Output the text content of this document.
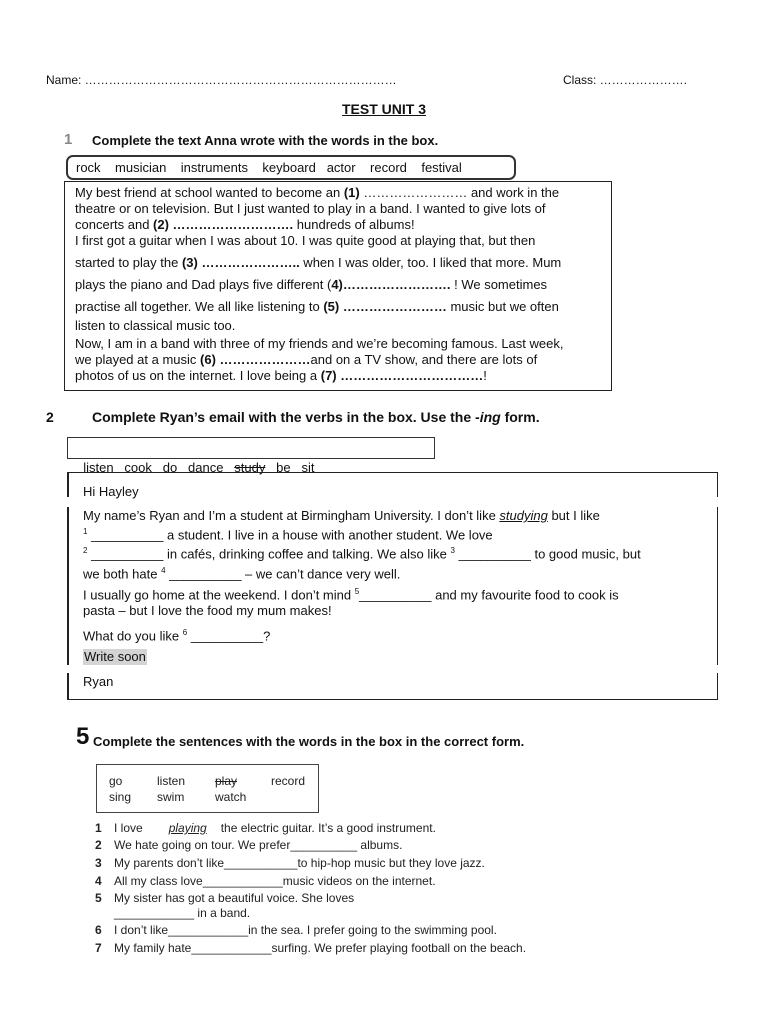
Name: ……………………………………………………………………	Class: ………………….
TEST UNIT 3
1 Complete the text Anna wrote with the words in the box.
rock    musician    instruments    keyboard   actor    record    festival
My best friend at school wanted to become an (1) …………………… and work in the
theatre or on television. But I just wanted to play in a band. I wanted to give lots of
concerts and (2) ………………………. hundreds of albums!
I first got a guitar when I was about 10. I was quite good at playing that, but then
started to play the (3) ………………….. when I was older, too. I liked that more. Mum
plays the piano and Dad plays five different (4)……………………. ! We sometimes
practise all together. We all like listening to (5) …………………… music but we often
listen to classical music too.
Now, I am in a band with three of my friends and we’re becoming famous. Last week,
we played at a music (6) …………………and on a TV show, and there are lots of
photos of us on the internet. I love being a (7) ……………………………!
2	Complete Ryan’s email with the verbs in the box. Use the -ing form.

listen   cook   do   dance   study   be   sit

Hi Hayley
My name’s Ryan and I’m a student at Birmingham University. I don’t like studying but I like
$^1$ __________ a student. I live in a house with another student. We love
$^2$ __________ in cafés, drinking coffee and talking. We also like $^3$ __________ to good music, but
we both hate $^4$ __________ – we can’t dance very well.
I usually go home at the weekend. I don’t mind $^5$__________ and my favourite food to cook is
pasta – but I love the food my mum makes!
What do you like $^6$ __________?
Write soon
Ryan
5 Complete the sentences with the words in the box in the correct form.
go	listen play	record
sing swim	watch
1 I love playing the electric guitar. It’s a good instrument.
2 We hate going on tour. We prefer__________ albums.
3 My parents don’t like___________to hip-hop music but they love jazz.
4 All my class love____________music videos on the internet.
5 My sister has got a beautiful voice. She loves
____________ in a band.
6 I don’t like____________in the sea. I prefer going to the swimming pool.
7 My family hate____________surfing. We prefer playing football on the beach.
